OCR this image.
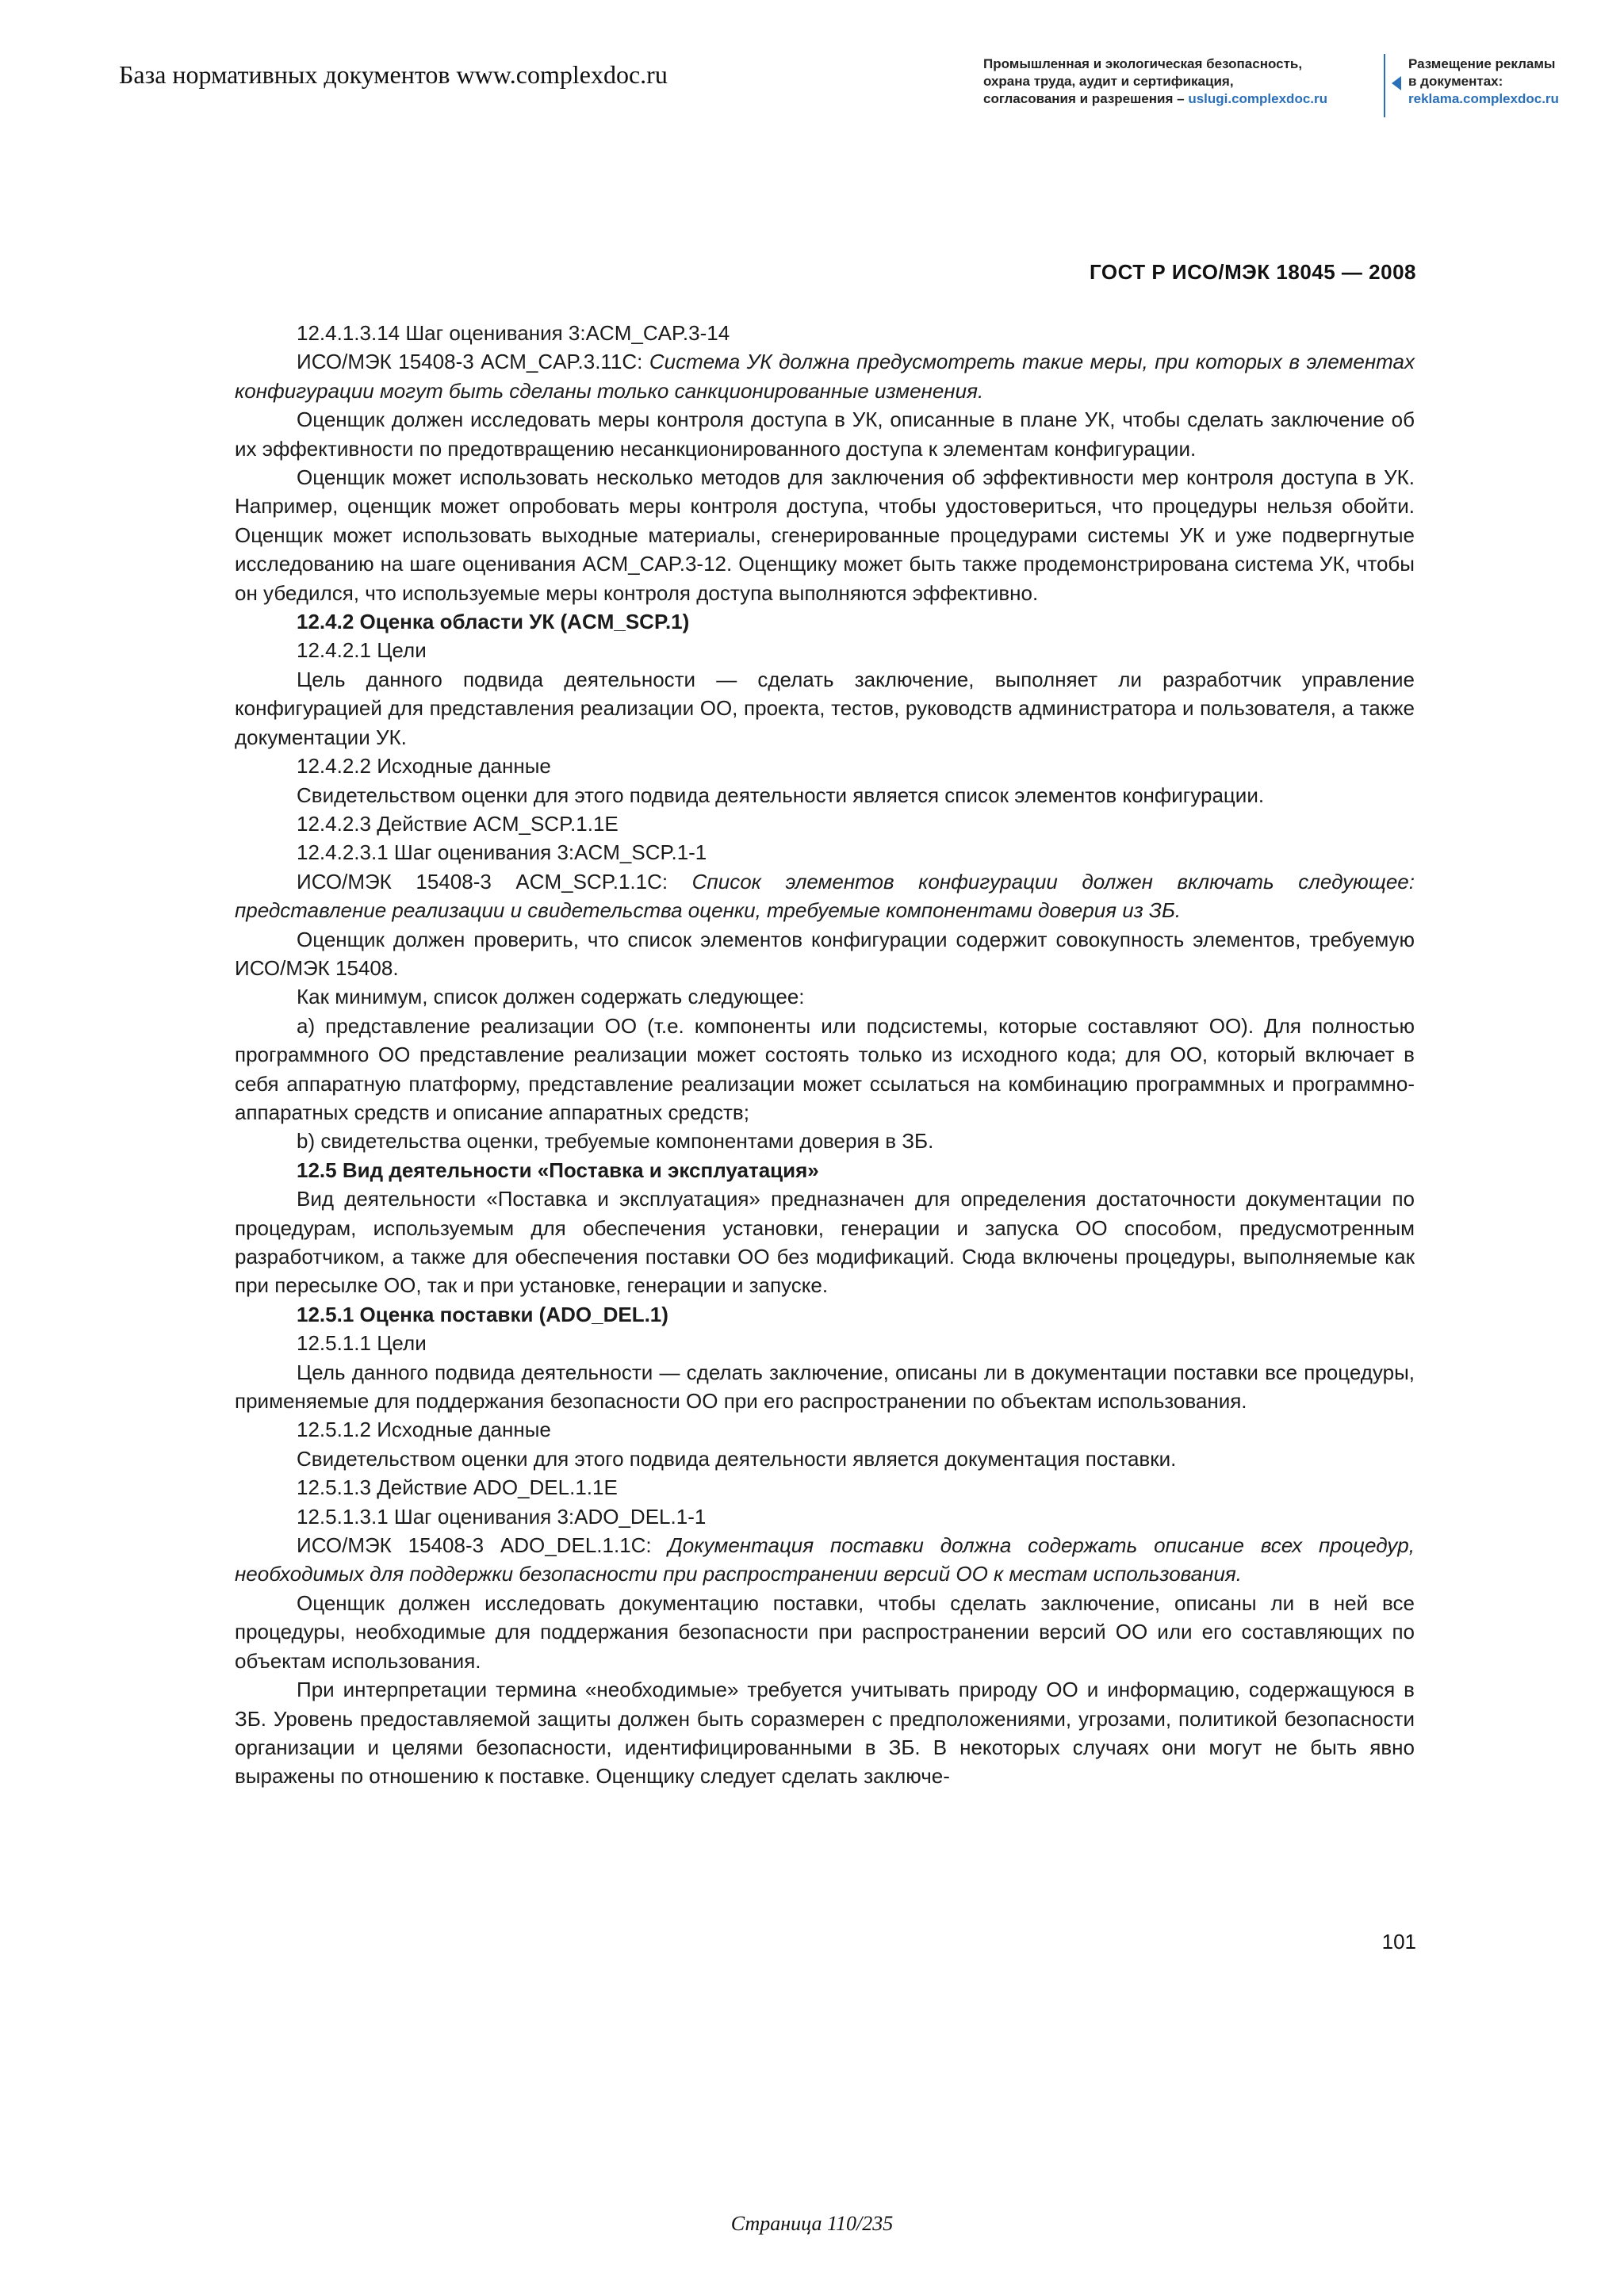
База нормативных документов www.complexdoc.ru	Промышленная и экологическая безопасность,
охрана труда, аудит и сертификация,
согласования и разрешения – uslugi.complexdoc.ru
Размещение рекламы
в документах:
reklama.complexdoc.ru
ГОСТ Р ИСО/МЭК 18045 — 2008

12.4.1.3.14 Шаг оценивания 3:ACM_CAP.3-14

ИСО/МЭК 15408-3 ACM_CAP.3.11C: Система УК должна предусмотреть такие меры, при которых в элементах конфигурации могут быть сделаны только санкционированные изменения.

Оценщик должен исследовать меры контроля доступа в УК, описанные в плане УК, чтобы сделать заключение об их эффективности по предотвращению несанкционированного доступа к элементам конфигурации.

Оценщик может использовать несколько методов для заключения об эффективности мер контроля доступа в УК. Например, оценщик может опробовать меры контроля доступа, чтобы удостовериться, что процедуры нельзя обойти. Оценщик может использовать выходные материалы, сгенерированные процедурами системы УК и уже подвергнутые исследованию на шаге оценивания ACM_CAP.3-12. Оценщику может быть также продемонстрирована система УК, чтобы он убедился, что используемые меры контроля доступа выполняются эффективно.

12.4.2 Оценка области УК (ACM_SCP.1)

12.4.2.1 Цели

Цель данного подвида деятельности — сделать заключение, выполняет ли разработчик управление конфигурацией для представления реализации ОО, проекта, тестов, руководств администратора и пользователя, а также документации УК.

12.4.2.2 Исходные данные

Свидетельством оценки для этого подвида деятельности является список элементов конфигурации.

12.4.2.3 Действие ACM_SCP.1.1E

12.4.2.3.1 Шаг оценивания 3:ACM_SCP.1-1

ИСО/МЭК 15408-3 ACM_SCP.1.1C: Список элементов конфигурации должен включать следующее: представление реализации и свидетельства оценки, требуемые компонентами доверия из ЗБ.

Оценщик должен проверить, что список элементов конфигурации содержит совокупность элементов, требуемую ИСО/МЭК 15408.

Как минимум, список должен содержать следующее:

a) представление реализации ОО (т.е. компоненты или подсистемы, которые составляют ОО). Для полностью программного ОО представление реализации может состоять только из исходного кода; для ОО, который включает в себя аппаратную платформу, представление реализации может ссылаться на комбинацию программных и программно-аппаратных средств и описание аппаратных средств;

b) свидетельства оценки, требуемые компонентами доверия в ЗБ.

12.5 Вид деятельности «Поставка и эксплуатация»

Вид деятельности «Поставка и эксплуатация» предназначен для определения достаточности документации по процедурам, используемым для обеспечения установки, генерации и запуска ОО способом, предусмотренным разработчиком, а также для обеспечения поставки ОО без модификаций. Сюда включены процедуры, выполняемые как при пересылке ОО, так и при установке, генерации и запуске.

12.5.1 Оценка поставки (ADO_DEL.1)

12.5.1.1 Цели

Цель данного подвида деятельности — сделать заключение, описаны ли в документации поставки все процедуры, применяемые для поддержания безопасности ОО при его распространении по объектам использования.

12.5.1.2 Исходные данные

Свидетельством оценки для этого подвида деятельности является документация поставки.

12.5.1.3 Действие ADO_DEL.1.1E

12.5.1.3.1 Шаг оценивания 3:ADO_DEL.1-1

ИСО/МЭК 15408-3 ADO_DEL.1.1C: Документация поставки должна содержать описание всех процедур, необходимых для поддержки безопасности при распространении версий ОО к местам использования.

Оценщик должен исследовать документацию поставки, чтобы сделать заключение, описаны ли в ней все процедуры, необходимые для поддержания безопасности при распространении версий ОО или его составляющих по объектам использования.

При интерпретации термина «необходимые» требуется учитывать природу ОО и информацию, содержащуюся в ЗБ. Уровень предоставляемой защиты должен быть соразмерен с предположениями, угрозами, политикой безопасности организации и целями безопасности, идентифицированными в ЗБ. В некоторых случаях они могут не быть явно выражены по отношению к поставке. Оценщику следует сделать заключе-

101
Страница 110/235
